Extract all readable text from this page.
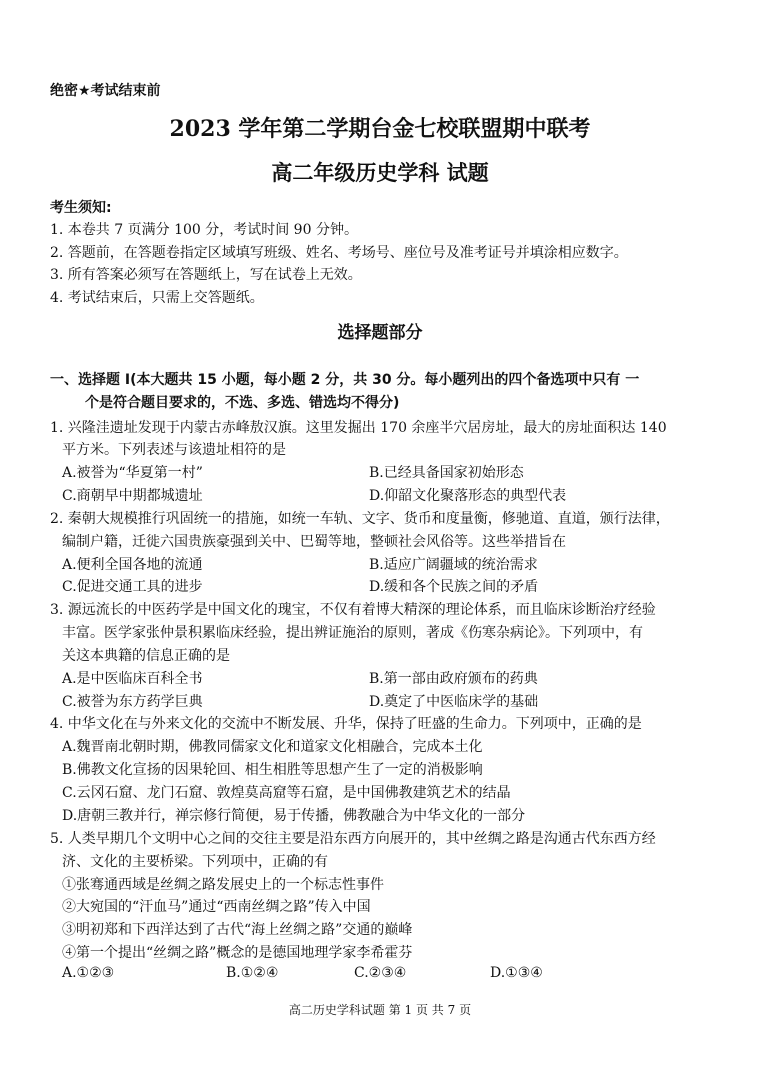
绝密★考试结束前
2023 学年第二学期台金七校联盟期中联考
高二年级历史学科 试题
考生须知:
1. 本卷共 7 页满分 100 分，考试时间 90 分钟。
2. 答题前，在答题卷指定区域填写班级、姓名、考场号、座位号及准考证号并填涂相应数字。
3. 所有答案必须写在答题纸上，写在试卷上无效。
4. 考试结束后，只需上交答题纸。
选择题部分
一、选择题 Ⅰ(本大题共 15 小题，每小题 2 分，共 30 分。每小题列出的四个备选项中只有 一
个是符合题目要求的，不选、多选、错选均不得分)
1. 兴隆洼遗址发现于内蒙古赤峰敖汉旗。这里发掘出 170 余座半穴居房址，最大的房址面积达 140
平方米。下列表述与该遗址相符的是
A.被誉为“华夏第一村”	B.已经具备国家初始形态
C.商朝早中期都城遗址	D.仰韶文化聚落形态的典型代表
2. 秦朝大规模推行巩固统一的措施，如统一车轨、文字、货币和度量衡，修驰道、直道，颁行法律，
编制户籍，迁徙六国贵族豪强到关中、巴蜀等地，整顿社会风俗等。这些举措旨在
A.便利全国各地的流通	B.适应广阔疆域的统治需求
C.促进交通工具的进步	D.缓和各个民族之间的矛盾
3. 源远流长的中医药学是中国文化的瑰宝，不仅有着博大精深的理论体系，而且临床诊断治疗经验
丰富。医学家张仲景积累临床经验，提出辨证施治的原则，著成《伤寒杂病论》。下列项中，有
关这本典籍的信息正确的是
A.是中医临床百科全书	B.第一部由政府颁布的药典
C.被誉为东方药学巨典	D.奠定了中医临床学的基础
4. 中华文化在与外来文化的交流中不断发展、升华，保持了旺盛的生命力。下列项中，正确的是
A.魏晋南北朝时期，佛教同儒家文化和道家文化相融合，完成本土化
B.佛教文化宣扬的因果轮回、相生相胜等思想产生了一定的消极影响
C.云冈石窟、龙门石窟、敦煌莫高窟等石窟，是中国佛教建筑艺术的结晶
D.唐朝三教并行，禅宗修行简便，易于传播，佛教融合为中华文化的一部分
5. 人类早期几个文明中心之间的交往主要是沿东西方向展开的，其中丝绸之路是沟通古代东西方经
济、文化的主要桥梁。下列项中，正确的有
①张骞通西域是丝绸之路发展史上的一个标志性事件
②大宛国的“汗血马”通过“西南丝绸之路”传入中国
③明初郑和下西洋达到了古代“海上丝绸之路”交通的巅峰
④第一个提出“丝绸之路”概念的是德国地理学家李希霍芬
A.①②③	B.①②④	C.②③④	D.①③④
高二历史学科试题 第 1 页 共 7 页
